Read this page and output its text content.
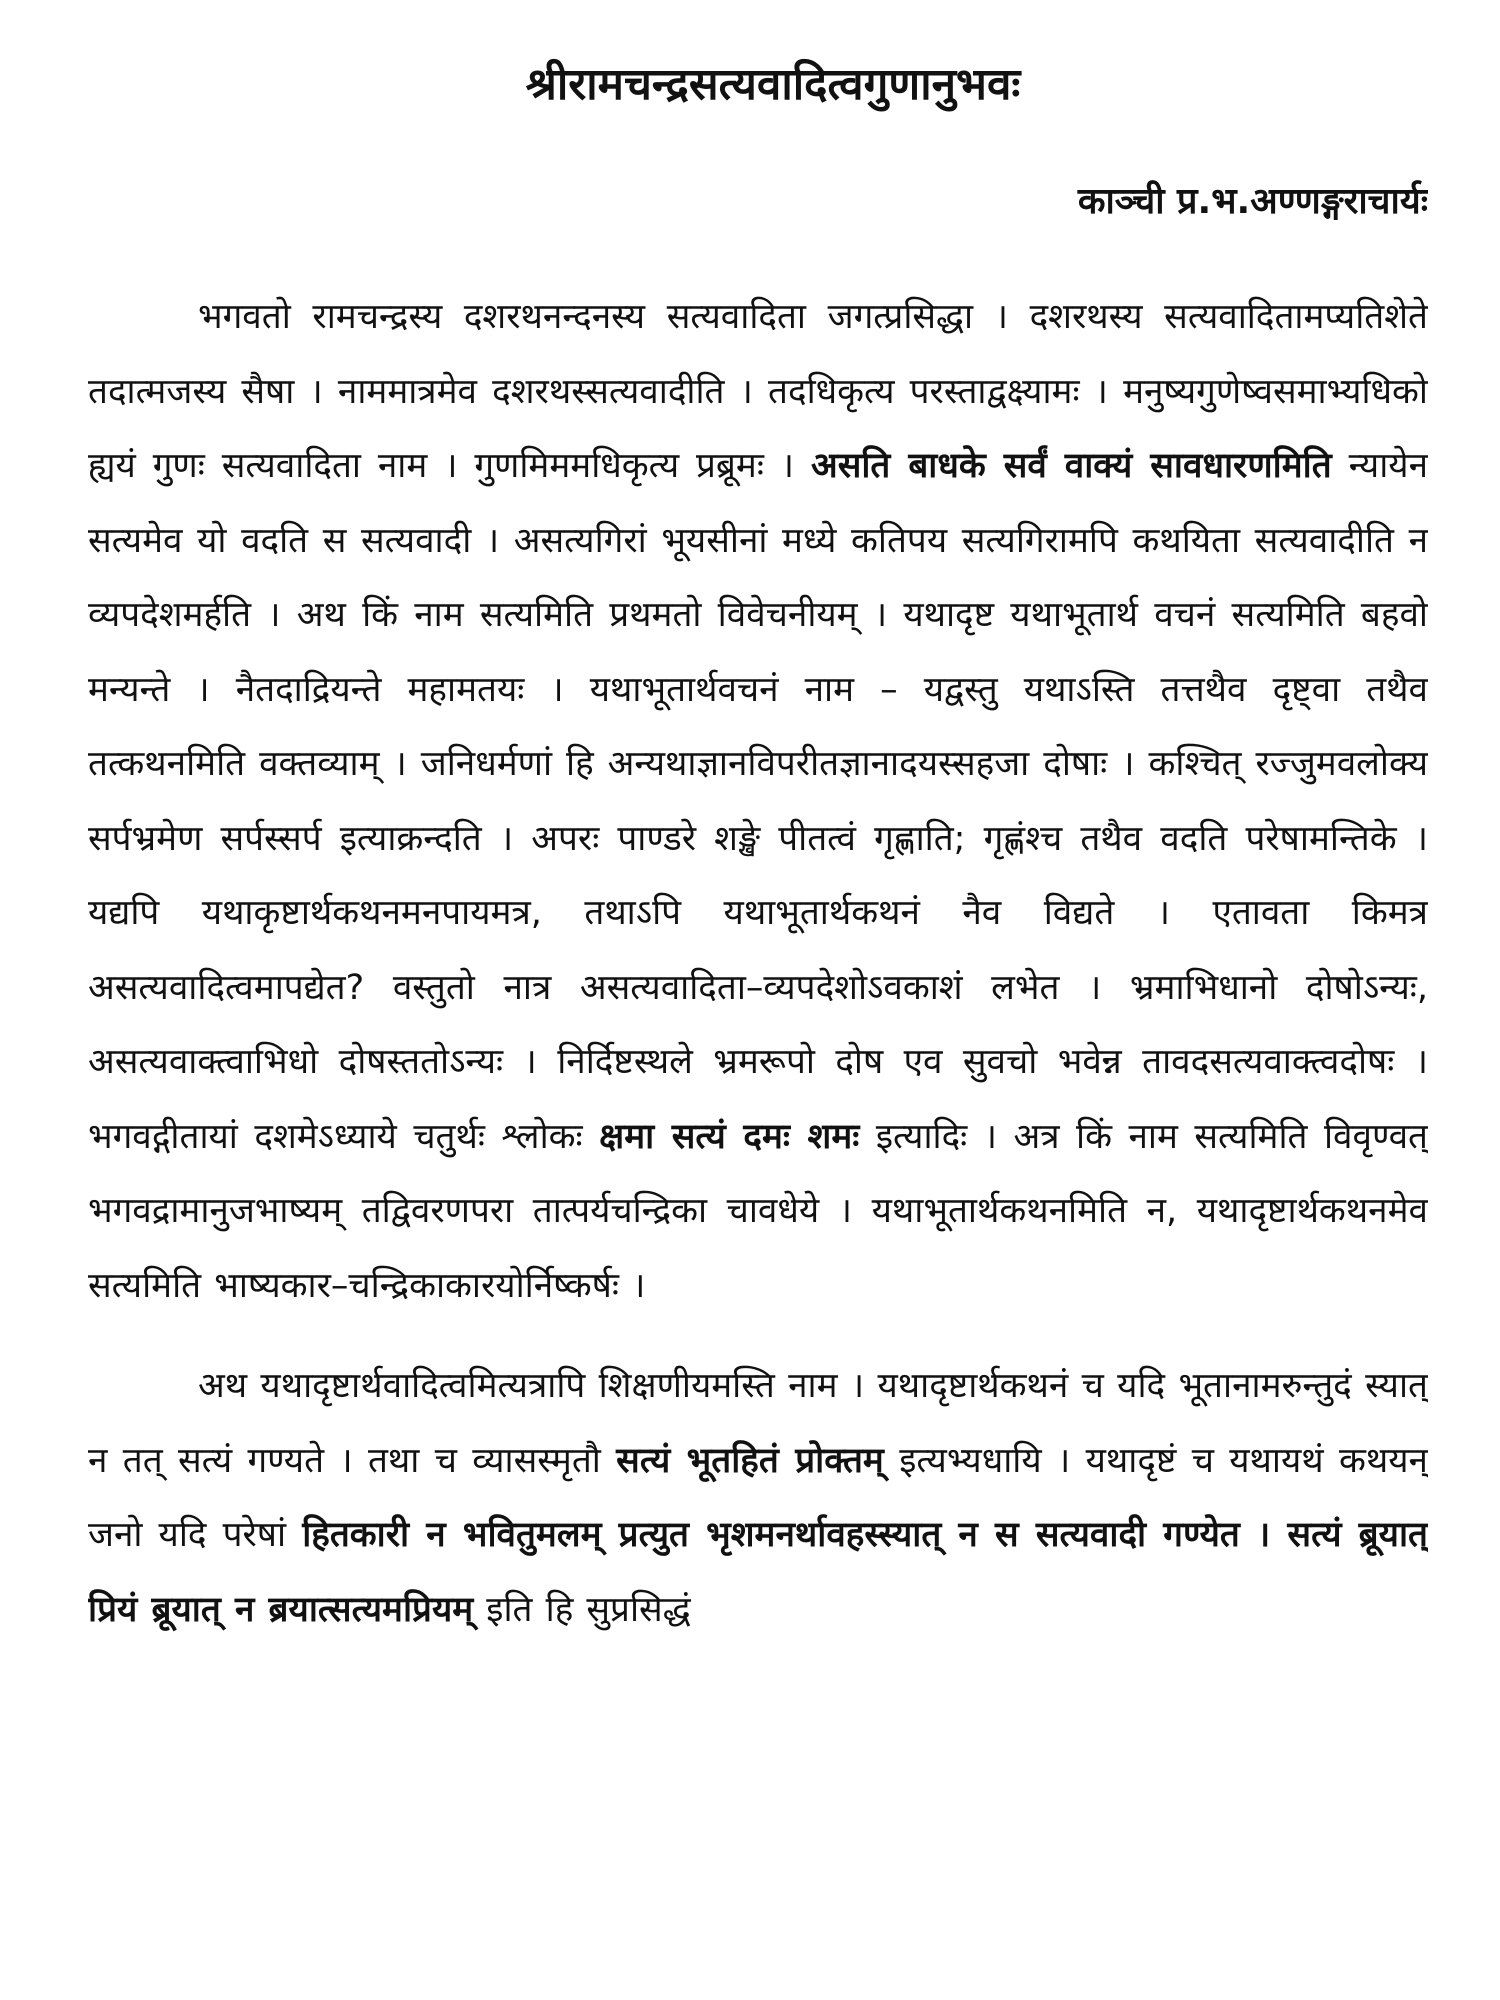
श्रीरामचन्द्रसत्यवादित्वगुणानुभवः
काञ्ची प्र.भ.अण्णङ्गराचार्यः

भगवतो रामचन्द्रस्य दशरथनन्दनस्य सत्यवादिता जगत्प्रसिद्धा । दशरथस्य सत्यवादितामप्यतिशेते तदात्मजस्य सैषा । नाममात्रमेव दशरथस्सत्यवादीति । तदधिकृत्य परस्ताद्वक्ष्यामः । मनुष्यगुणेष्वसमाभ्यधिको ह्ययं गुणः सत्यवादिता नाम । गुणमिममधिकृत्य प्रब्रूमः । असति बाधके सर्वं वाक्यं सावधारणमिति न्यायेन सत्यमेव यो वदति स सत्यवादी । असत्यगिरां भूयसीनां मध्ये कतिपय सत्यगिरामपि कथयिता सत्यवादीति न व्यपदेशमर्हति । अथ किं नाम सत्यमिति प्रथमतो विवेचनीयम् । यथादृष्ट यथाभूतार्थ वचनं सत्यमिति बहवो मन्यन्ते । नैतदाद्रियन्ते महामतयः । यथाभूतार्थवचनं नाम – यद्वस्तु यथाऽस्ति तत्तथैव दृष्ट्वा तथैव तत्कथनमिति वक्तव्याम् । जनिधर्मणां हि अन्यथाज्ञानविपरीतज्ञानादयस्सहजा दोषाः । कश्चित् रज्जुमवलोक्य सर्पभ्रमेण सर्पस्सर्प इत्याक्रन्दति । अपरः पाण्डरे शङ्खे पीतत्वं गृह्णाति; गृह्णंश्च तथैव वदति परेषामन्तिके । यद्यपि यथाकृष्टार्थकथनमनपायमत्र, तथाऽपि यथाभूतार्थकथनं नैव विद्यते । एतावता किमत्र असत्यवादित्वमापद्येत? वस्तुतो नात्र असत्यवादिता–व्यपदेशोऽवकाशं लभेत । भ्रमाभिधानो दोषोऽन्यः, असत्यवाक्त्वाभिधो दोषस्ततोऽन्यः । निर्दिष्टस्थले भ्रमरूपो दोष एव सुवचो भवेन्न तावदसत्यवाक्त्वदोषः । भगवद्गीतायां दशमेऽध्याये चतुर्थः श्लोकः क्षमा सत्यं दमः शमः इत्यादिः । अत्र किं नाम सत्यमिति विवृण्वत् भगवद्रामानुजभाष्यम् तद्विवरणपरा तात्पर्यचन्द्रिका चावधेये । यथाभूतार्थकथनमिति न, यथादृष्टार्थकथनमेव सत्यमिति भाष्यकार–चन्द्रिकाकारयोर्निष्कर्षः ।

अथ यथादृष्टार्थवादित्वमित्यत्रापि शिक्षणीयमस्ति नाम । यथादृष्टार्थकथनं च यदि भूतानामरुन्तुदं स्यात् न तत् सत्यं गण्यते । तथा च व्यासस्मृतौ सत्यं भूतहितं प्रोक्तम् इत्यभ्यधायि । यथादृष्टं च यथायथं कथयन् जनो यदि परेषां हितकारी न भवितुमलम् प्रत्युत भृशमनर्थावहस्स्यात् न स सत्यवादी गण्येत । सत्यं ब्रूयात् प्रियं ब्रूयात् न ब्रयात्सत्यमप्रियम् इति हि सुप्रसिद्धं
